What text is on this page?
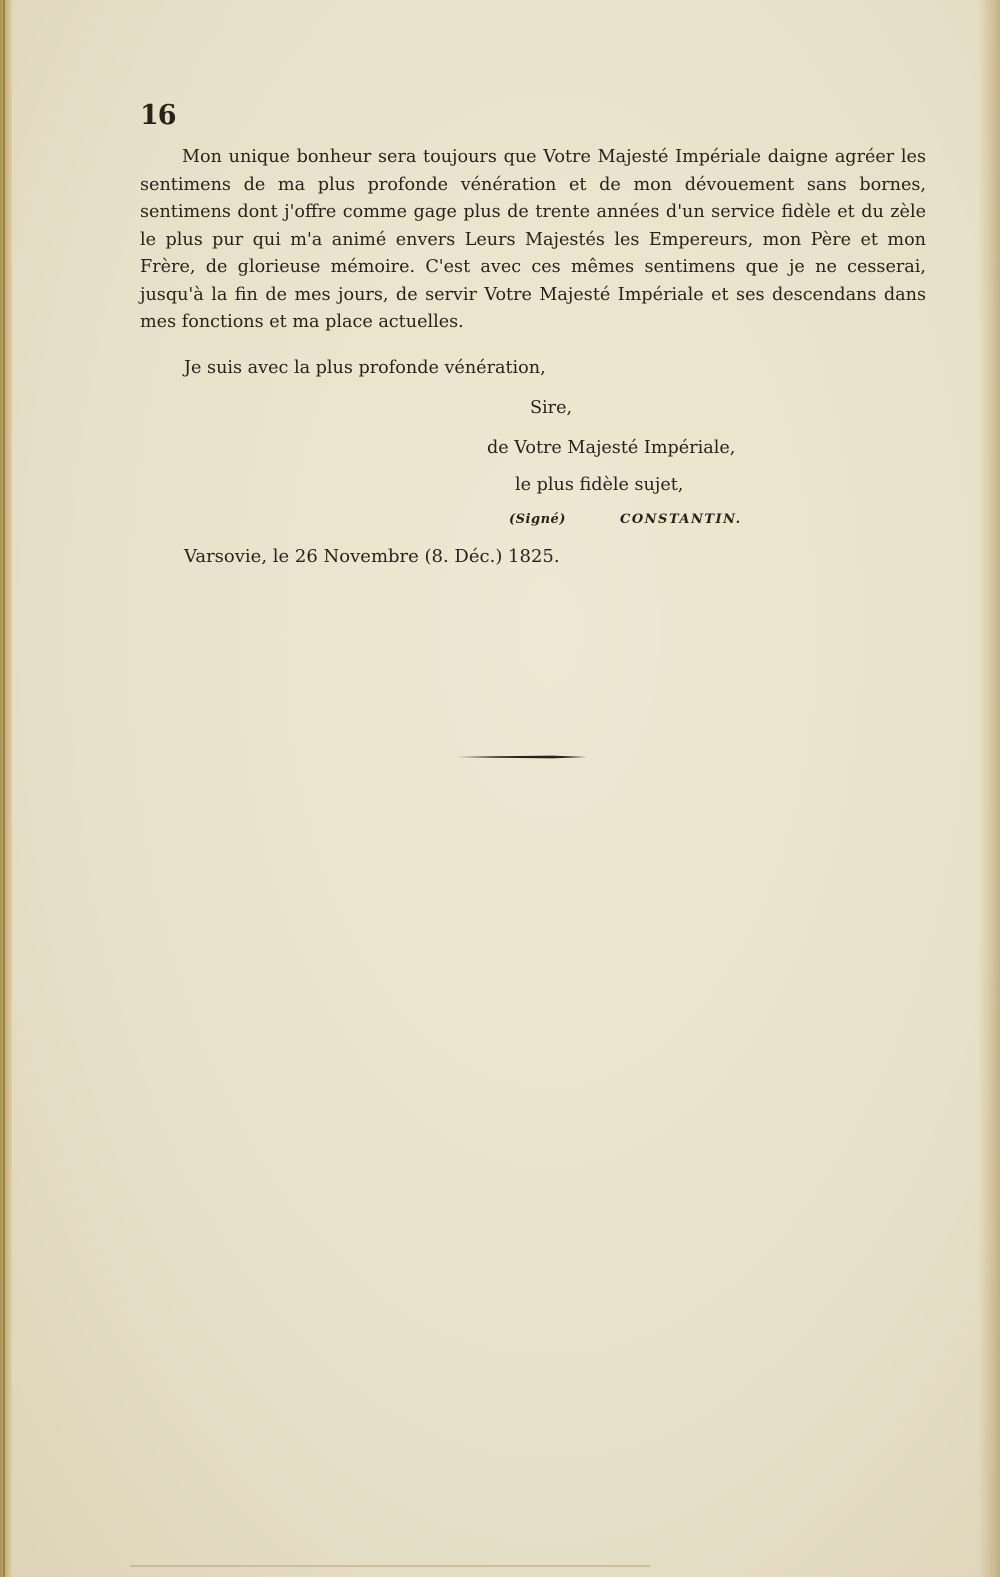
16

Mon unique bonheur sera toujours que Votre Majesté Impériale daigne agréer les sentimens de ma plus profonde vénération et de mon dévouement sans bornes, sentimens dont j'offre comme gage plus de trente années d'un service fidèle et du zèle le plus pur qui m'a animé envers Leurs Majestés les Empereurs, mon Père et mon Frère, de glorieuse mémoire. C'est avec ces mêmes sentimens que je ne cesserai, jusqu'à la fin de mes jours, de servir Votre Majesté Impériale et ses descendans dans mes fonctions et ma place actuelles.

Je suis avec la plus profonde vénération,
Sire,
de Votre Majesté Impériale,
le plus fidèle sujet,
(Signé)	CONSTANTIN.
Varsovie, le 26 Novembre (8. Déc.) 1825.
